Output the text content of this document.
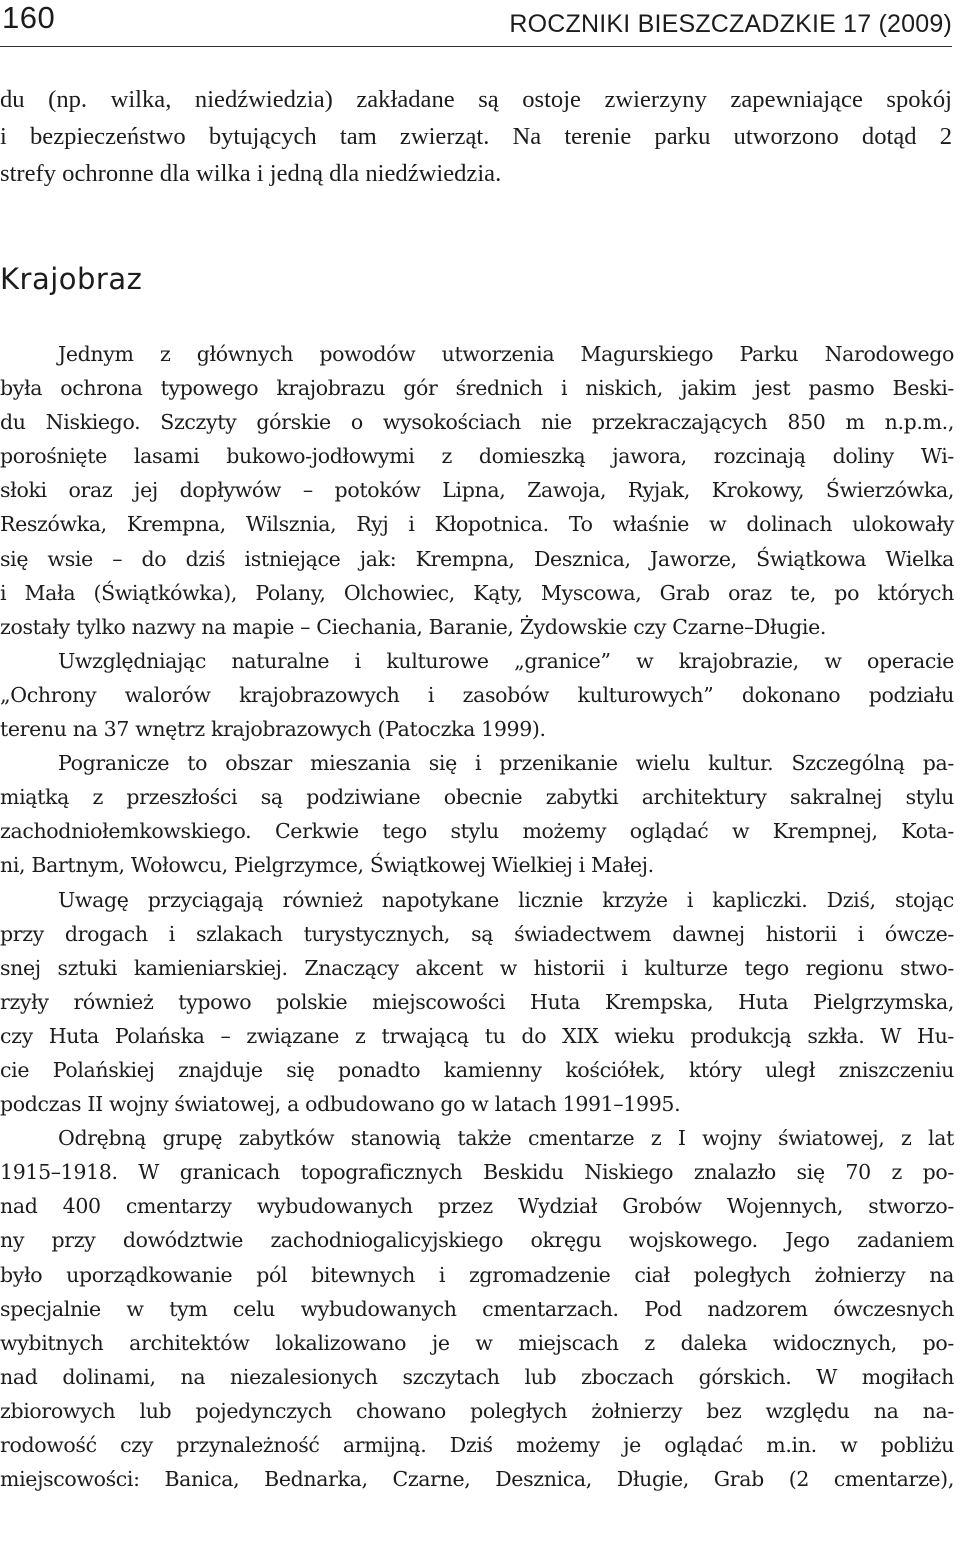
160	ROCZNIKI BIESZCZADZKIE 17 (2009)
du (np. wilka, niedźwiedzia) zakładane są ostoje zwierzyny zapewniające spokój
i bezpieczeństwo bytujących tam zwierząt. Na terenie parku utworzono dotąd 2
strefy ochronne dla wilka i jedną dla niedźwiedzia.
Krajobraz
Jednym z głównych powodów utworzenia Magurskiego Parku Narodowego
była ochrona typowego krajobrazu gór średnich i niskich, jakim jest pasmo Beski-
du Niskiego. Szczyty górskie o wysokościach nie przekraczających 850 m n.p.m.,
porośnięte lasami bukowo-jodłowymi z domieszką jawora, rozcinają doliny Wi-
słoki oraz jej dopływów – potoków Lipna, Zawoja, Ryjak, Krokowy, Świerzówka,
Reszówka, Krempna, Wilsznia, Ryj i Kłopotnica. To właśnie w dolinach ulokowały
się wsie – do dziś istniejące jak: Krempna, Desznica, Jaworze, Świątkowa Wielka
i Mała (Świątkówka), Polany, Olchowiec, Kąty, Myscowa, Grab oraz te, po których
zostały tylko nazwy na mapie – Ciechania, Baranie, Żydowskie czy Czarne–Długie.
Uwzględniając naturalne i kulturowe „granice” w krajobrazie, w operacie
„Ochrony walorów krajobrazowych i zasobów kulturowych” dokonano podziału
terenu na 37 wnętrz krajobrazowych (Patoczka 1999).
Pogranicze to obszar mieszania się i przenikanie wielu kultur. Szczególną pa-
miątką z przeszłości są podziwiane obecnie zabytki architektury sakralnej stylu
zachodniołemkowskiego. Cerkwie tego stylu możemy oglądać w Krempnej, Kota-
ni, Bartnym, Wołowcu, Pielgrzymce, Świątkowej Wielkiej i Małej.
Uwagę przyciągają również napotykane licznie krzyże i kapliczki. Dziś, stojąc
przy drogach i szlakach turystycznych, są świadectwem dawnej historii i ówcze-
snej sztuki kamieniarskiej. Znaczący akcent w historii i kulturze tego regionu stwo-
rzyły również typowo polskie miejscowości Huta Krempska, Huta Pielgrzymska,
czy Huta Polańska – związane z trwającą tu do XIX wieku produkcją szkła. W Hu-
cie Polańskiej znajduje się ponadto kamienny kościółek, który uległ zniszczeniu
podczas II wojny światowej, a odbudowano go w latach 1991–1995.
Odrębną grupę zabytków stanowią także cmentarze z I wojny światowej, z lat
1915–1918. W granicach topograficznych Beskidu Niskiego znalazło się 70 z po-
nad 400 cmentarzy wybudowanych przez Wydział Grobów Wojennych, stworzo-
ny przy dowództwie zachodniogalicyjskiego okręgu wojskowego. Jego zadaniem
było uporządkowanie pól bitewnych i zgromadzenie ciał poległych żołnierzy na
specjalnie w tym celu wybudowanych cmentarzach. Pod nadzorem ówczesnych
wybitnych architektów lokalizowano je w miejscach z daleka widocznych, po-
nad dolinami, na niezalesionych szczytach lub zboczach górskich. W mogiłach
zbiorowych lub pojedynczych chowano poległych żołnierzy bez względu na na-
rodowość czy przynależność armijną. Dziś możemy je oglądać m.in. w pobliżu
miejscowości: Banica, Bednarka, Czarne, Desznica, Długie, Grab (2 cmentarze),
